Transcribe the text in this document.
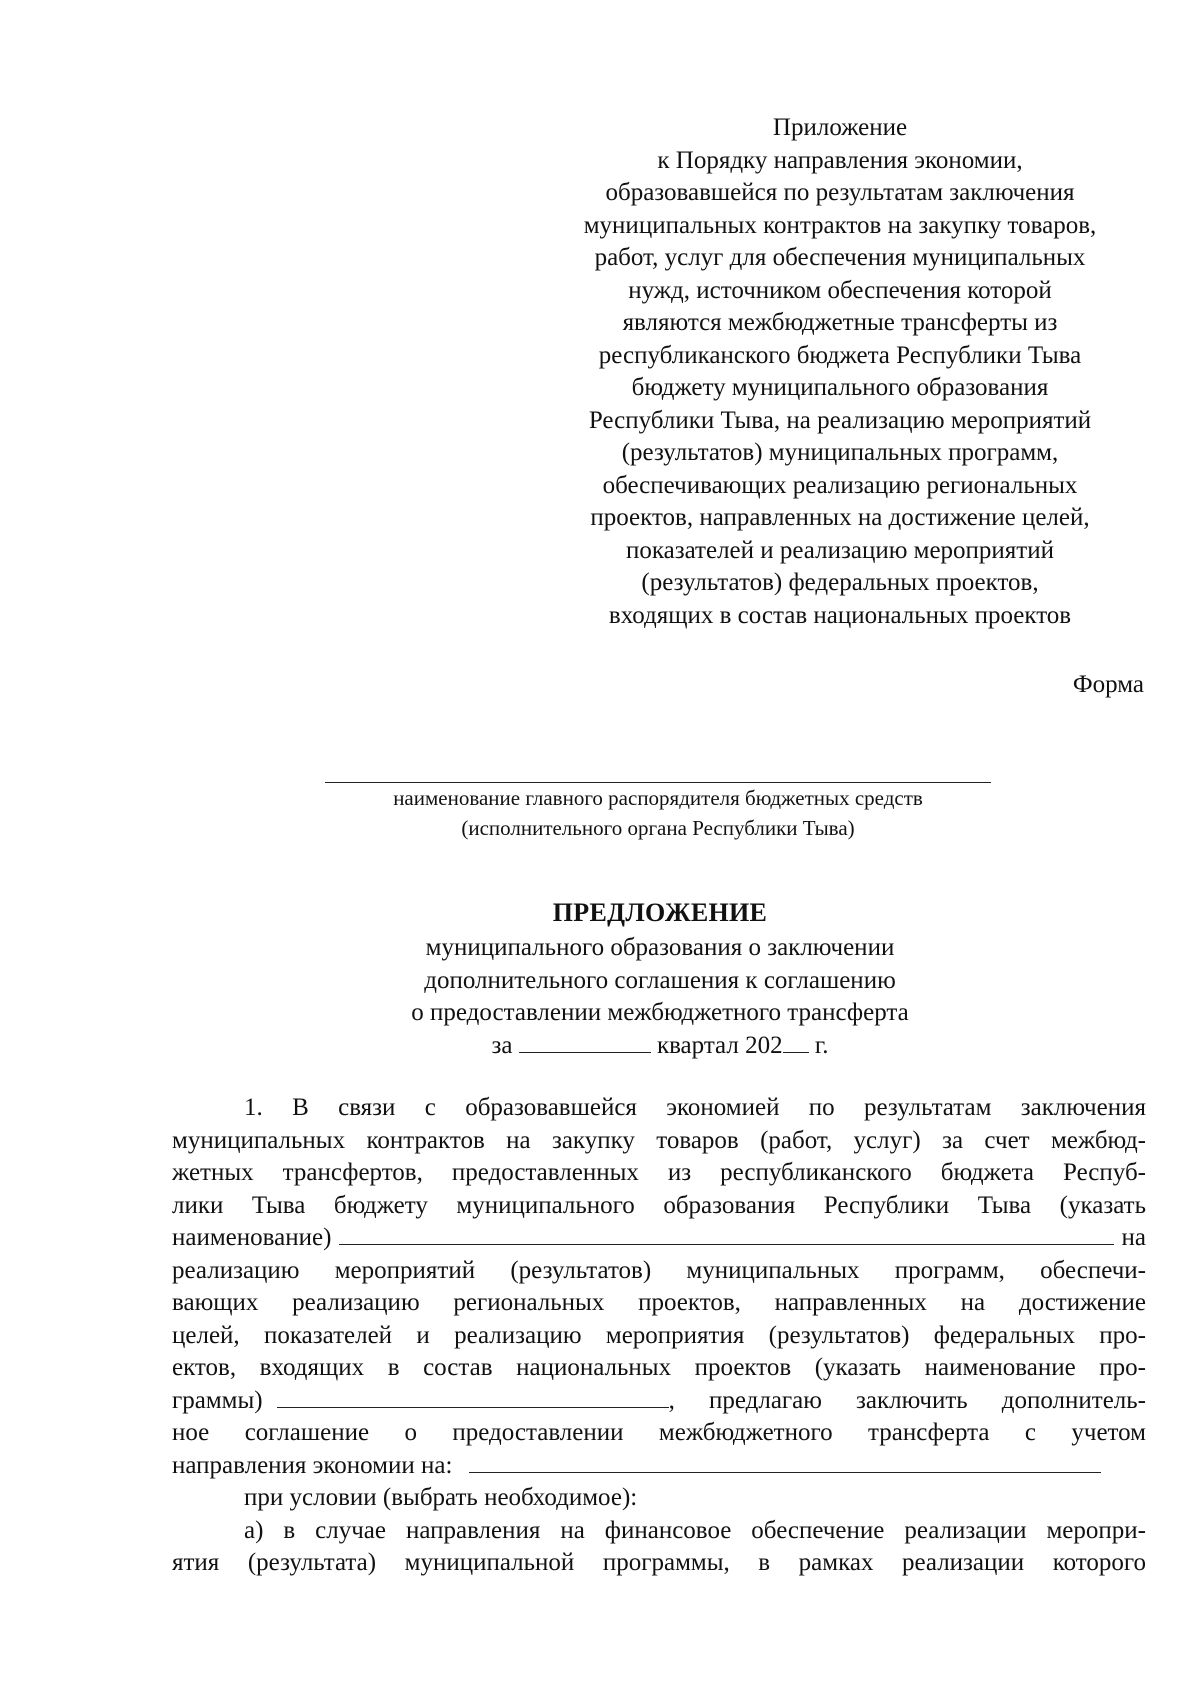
Приложение
к Порядку направления экономии,
образовавшейся по результатам заключения
муниципальных контрактов на закупку товаров,
работ, услуг для обеспечения муниципальных
нужд, источником обеспечения которой
являются межбюджетные трансферты из
республиканского бюджета Республики Тыва
бюджету муниципального образования
Республики Тыва, на реализацию мероприятий
(результатов) муниципальных программ,
обеспечивающих реализацию региональных
проектов, направленных на достижение целей,
показателей и реализацию мероприятий
(результатов) федеральных проектов,
входящих в состав национальных проектов
Форма
наименование главного распорядителя бюджетных средств
(исполнительного органа Республики Тыва)
ПРЕДЛОЖЕНИЕ
муниципального образования о заключении
дополнительного соглашения к соглашению
о предоставлении межбюджетного трансферта
за	квартал 202 г.
1. В связи с образовавшейся экономией по результатам заключения
муниципальных контрактов на закупку товаров (работ, услуг) за счет межбюд-
жетных трансфертов, предоставленных из республиканского бюджета Респуб-
лики Тыва бюджету муниципального образования Республики Тыва (указать
наименование)	на
реализацию мероприятий (результатов) муниципальных программ, обеспечи-
вающих реализацию региональных проектов, направленных на достижение
целей, показателей и реализацию мероприятия (результатов) федеральных про-
ектов, входящих в состав национальных проектов (указать наименование про-
граммы)	, предлагаю заключить дополнитель-
ное соглашение о предоставлении межбюджетного трансферта с учетом
направления экономии на:
при условии (выбрать необходимое):
а) в случае направления на финансовое обеспечение реализации меропри-
ятия (результата) муниципальной программы, в рамках реализации которого
